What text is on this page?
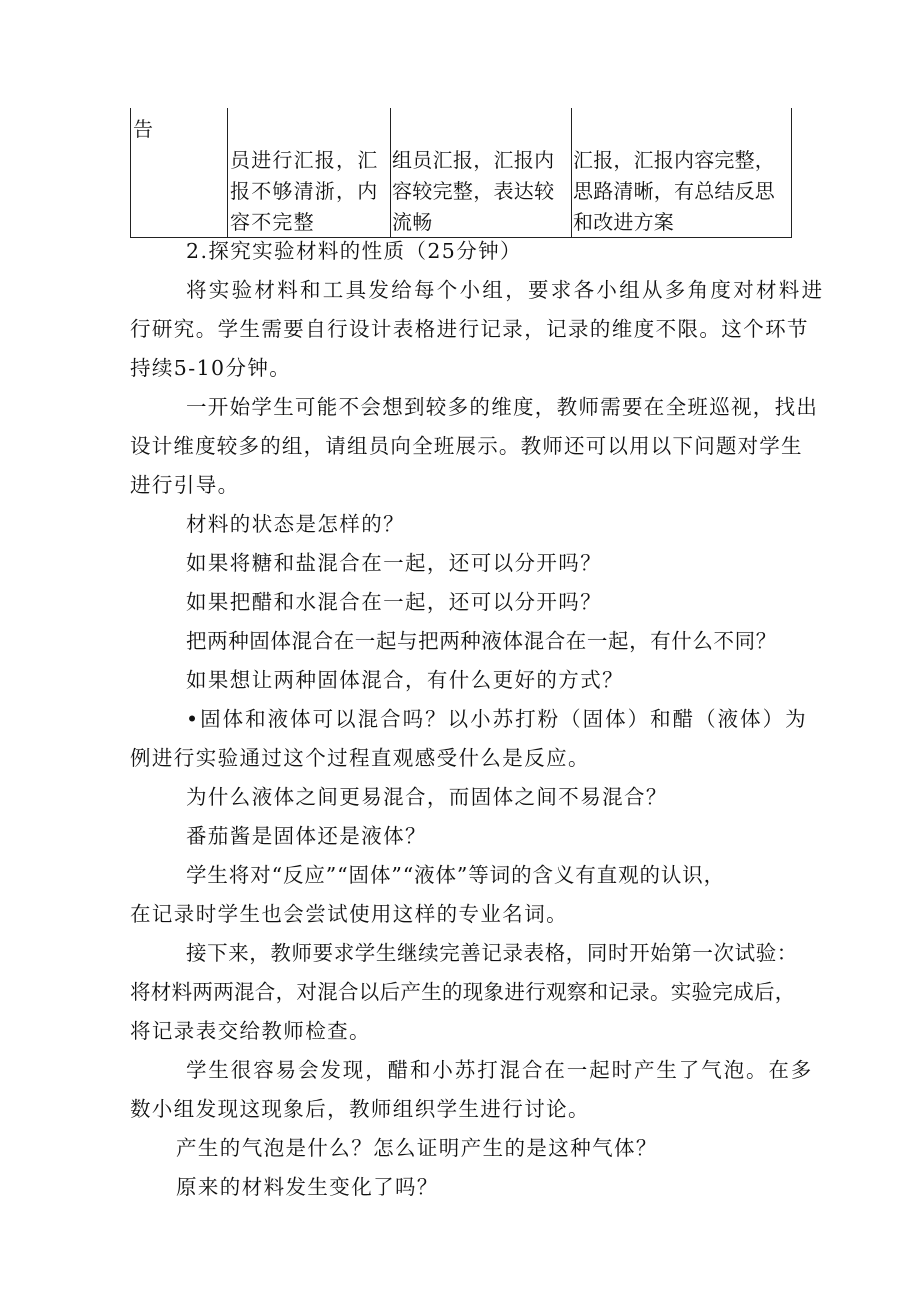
告
员进行汇报，汇
报不够清浙，内
容不完整
组员汇报，汇报内
容较完整，表达较
流畅
汇报，汇报内容完整，
思路清晰，有总结反思
和改进方案
2.探究实验材料的性质（25分钟）
将实验材料和工具发给每个小组，要求各小组从多角度对材料进
行研究。学生需要自行设计表格进行记录，记录的维度不限。这个环节
持续5-10分钟。
一开始学生可能不会想到较多的维度，教师需要在全班巡视，找出
设计维度较多的组，请组员向全班展示。教师还可以用以下问题对学生
进行引导。
材料的状态是怎样的？
如果将糖和盐混合在一起，还可以分开吗？
如果把醋和水混合在一起，还可以分开吗？
把两种固体混合在一起与把两种液体混合在一起，有什么不同？
如果想让两种固体混合，有什么更好的方式？
•固体和液体可以混合吗？以小苏打粉（固体）和醋（液体）为
例进行实验通过这个过程直观感受什么是反应。
为什么液体之间更易混合，而固体之间不易混合？
番茄酱是固体还是液体？
学生将对“反应”“固体”“液体”等词的含义有直观的认识，
在记录时学生也会尝试使用这样的专业名词。
接下来，教师要求学生继续完善记录表格，同时开始第一次试验：
将材料两两混合，对混合以后产生的现象进行观察和记录。实验完成后，
将记录表交给教师检查。
学生很容易会发现，醋和小苏打混合在一起时产生了气泡。在多
数小组发现这现象后，教师组织学生进行讨论。
产生的气泡是什么？怎么证明产生的是这种气体？
原来的材料发生变化了吗？
